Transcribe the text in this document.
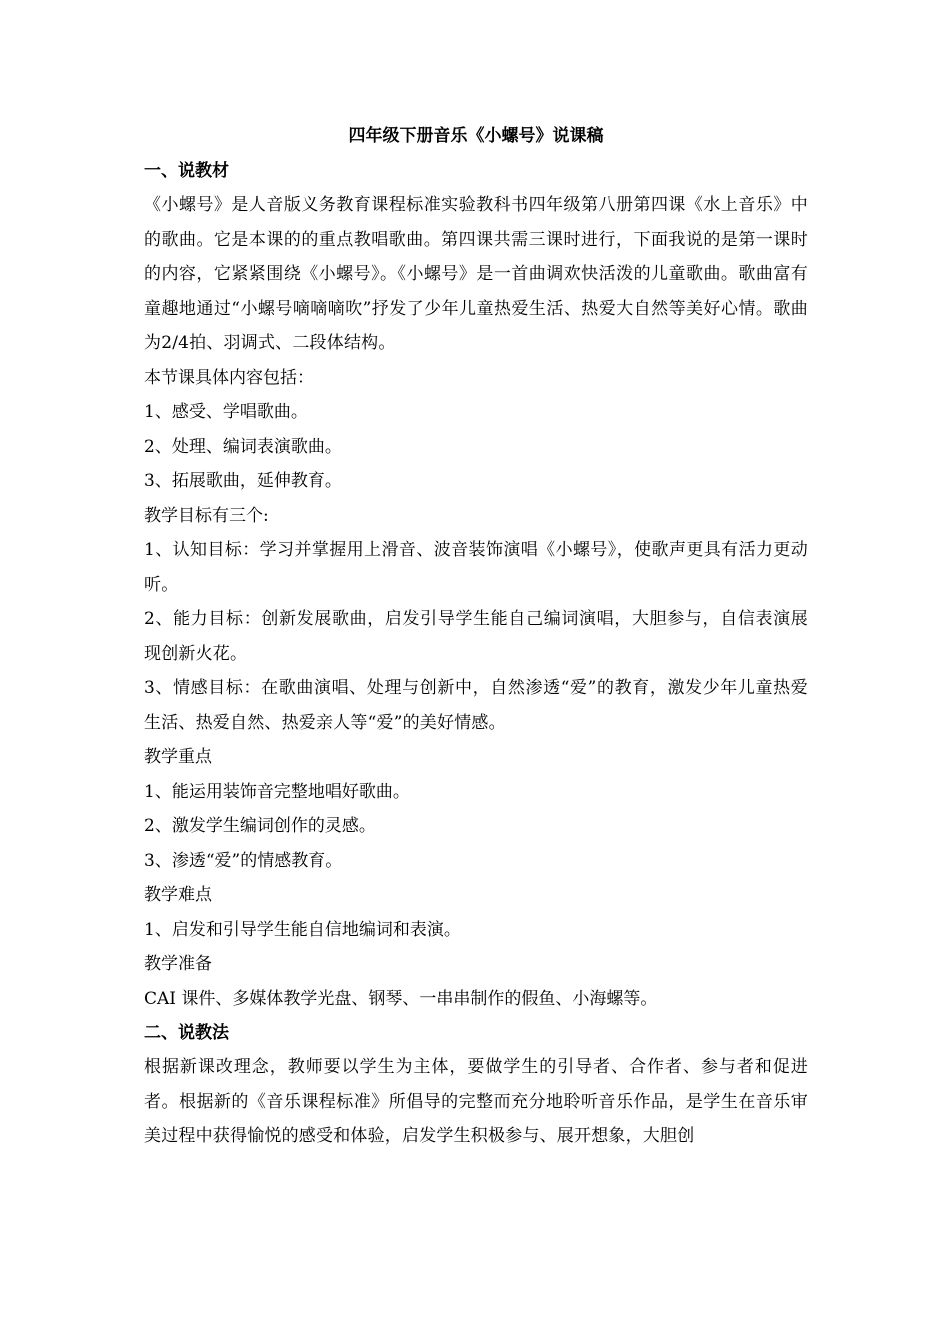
四年级下册音乐《小螺号》说课稿

一、说教材

《小螺号》是人音版义务教育课程标准实验教科书四年级第八册第四课《水上音乐》中的歌曲。它是本课的的重点教唱歌曲。第四课共需三课时进行，下面我说的是第一课时的内容，它紧紧围绕《小螺号》。《小螺号》是一首曲调欢快活泼的儿童歌曲。歌曲富有童趣地通过“小螺号嘀嘀嘀吹”抒发了少年儿童热爱生活、热爱大自然等美好心情。歌曲为2/4拍、羽调式、二段体结构。

本节课具体内容包括：

1、感受、学唱歌曲。

2、处理、编词表演歌曲。

3、拓展歌曲，延伸教育。

教学目标有三个:

1、认知目标：学习并掌握用上滑音、波音装饰演唱《小螺号》，使歌声更具有活力更动听。

2、能力目标：创新发展歌曲，启发引导学生能自己编词演唱，大胆参与，自信表演展现创新火花。

3、情感目标：在歌曲演唱、处理与创新中，自然渗透“爱”的教育，激发少年儿童热爱生活、热爱自然、热爱亲人等“爱”的美好情感。

教学重点

1、能运用装饰音完整地唱好歌曲。

2、激发学生编词创作的灵感。

3、渗透“爱”的情感教育。

教学难点

1、启发和引导学生能自信地编词和表演。

教学准备

CAI 课件、多媒体教学光盘、钢琴、一串串制作的假鱼、小海螺等。

二、说教法

根据新课改理念，教师要以学生为主体，要做学生的引导者、合作者、参与者和促进者。根据新的《音乐课程标准》所倡导的完整而充分地聆听音乐作品，是学生在音乐审美过程中获得愉悦的感受和体验，启发学生积极参与、展开想象，大胆创
